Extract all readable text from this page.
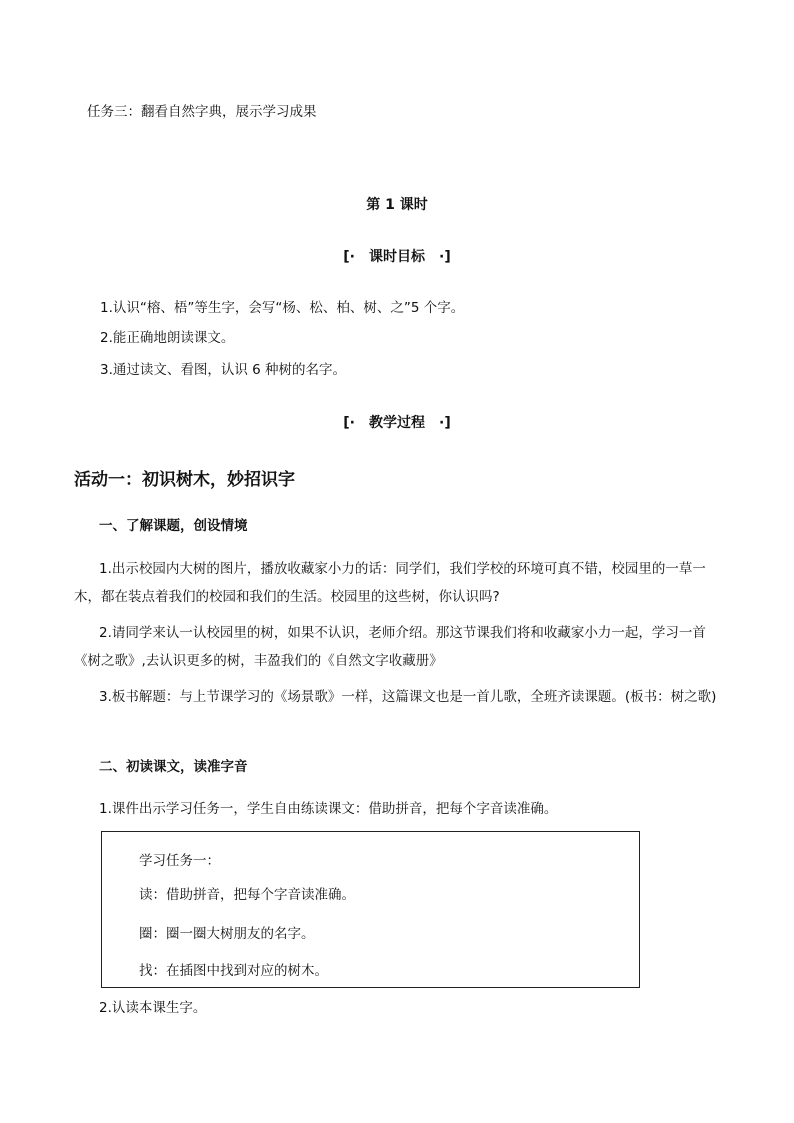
任务三：翻看自然字典，展示学习成果
第 1 课时
[· 课时目标 ·]
1.认识“榕、梧”等生字，会写“杨、松、柏、树、之”5 个字。
2.能正确地朗读课文。
3.通过读文、看图，认识 6 种树的名字。
[· 教学过程 ·]
活动一：初识树木，妙招识字
一、了解课题，创设情境
1.出示校园内大树的图片，播放收藏家小力的话：同学们，我们学校的环境可真不错，校园里的一草一木，都在装点着我们的校园和我们的生活。校园里的这些树，你认识吗?
2.请同学来认一认校园里的树，如果不认识，老师介绍。那这节课我们将和收藏家小力一起，学习一首《树之歌》,去认识更多的树，丰盈我们的《自然文字收藏册》
3.板书解题：与上节课学习的《场景歌》一样，这篇课文也是一首儿歌，全班齐读课题。(板书：树之歌)
二、初读课文，读准字音
1.课件出示学习任务一，学生自由练读课文：借助拼音，把每个字音读准确。
学习任务一：
读：借助拼音，把每个字音读准确。
圈：圈一圈大树朋友的名字。
找：在插图中找到对应的树木。
2.认读本课生字。
